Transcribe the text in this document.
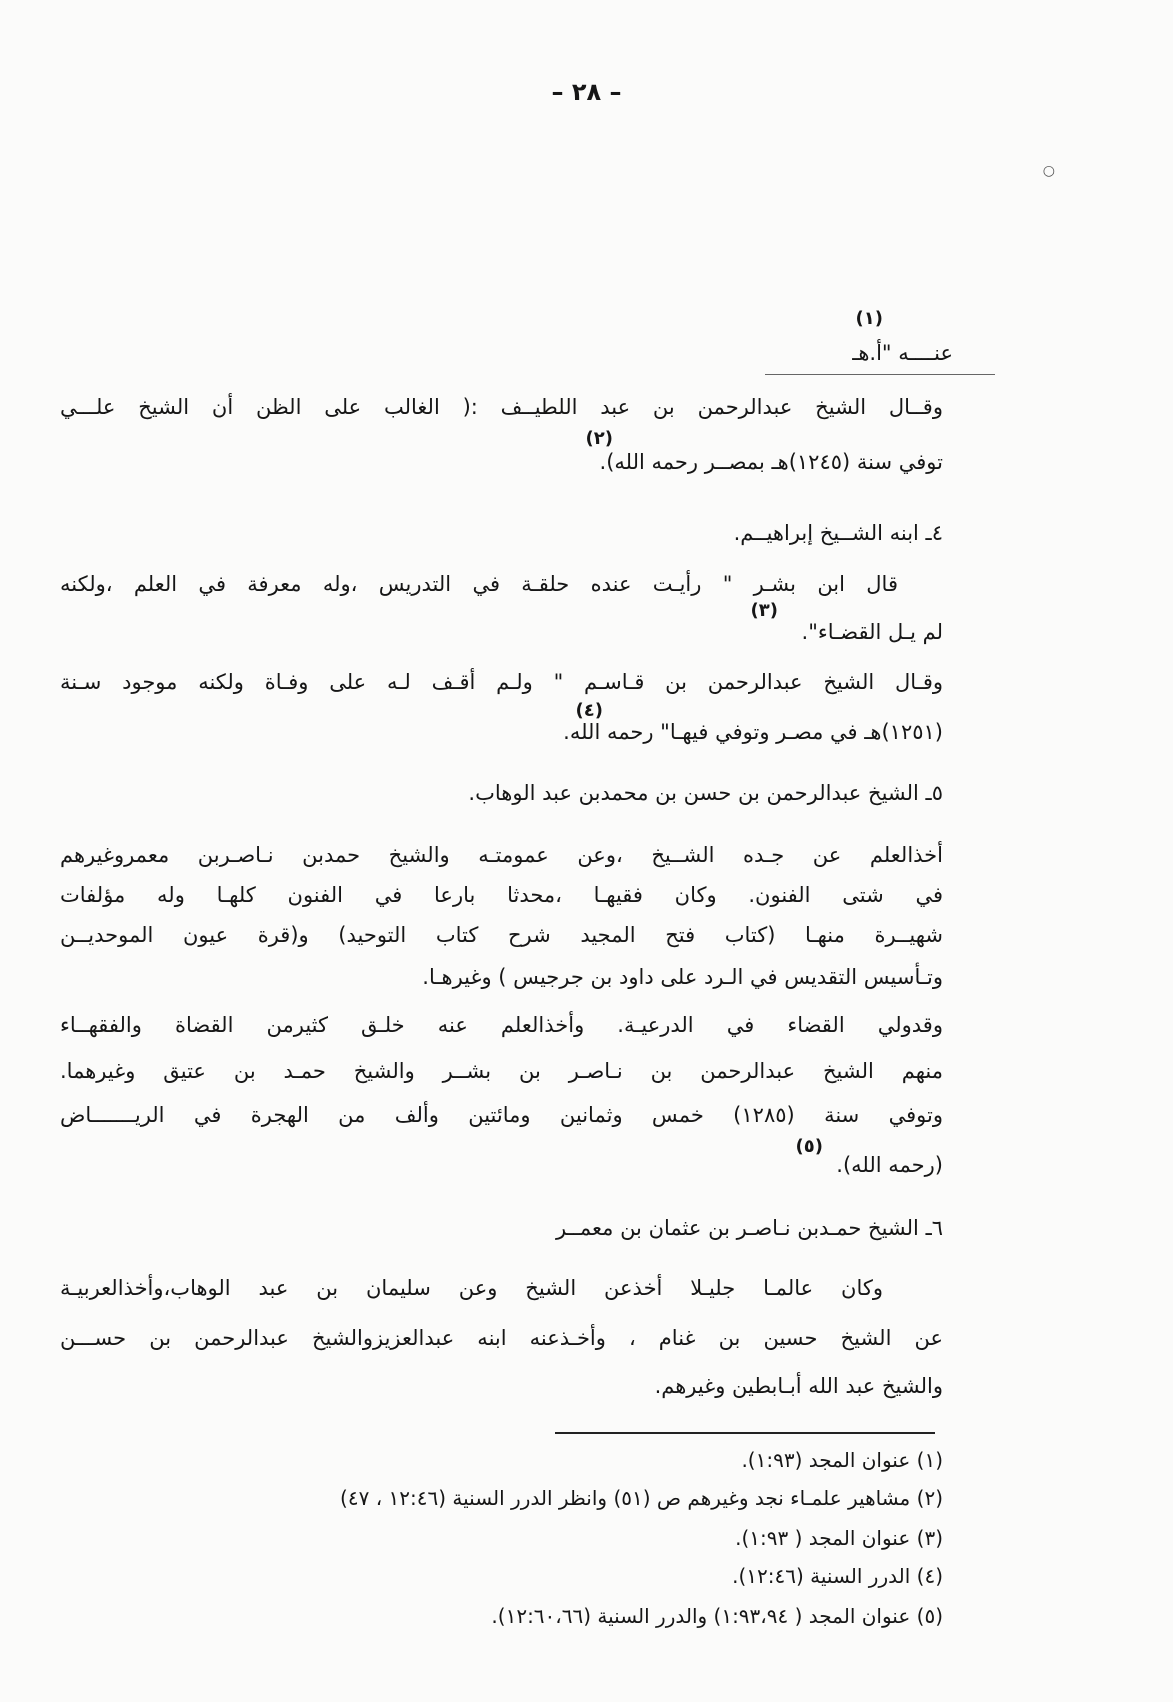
– ٢٨ –
○
(١)
عنــــه "أ.هـ
وقــال الشيخ عبدالرحمن بن عبد اللطيــف :( الغالب على الظن أن الشيخ علـــي
(٢)
توفي سنة (١٢٤٥)هـ بمصــر رحمه الله).
٤ـ ابنه الشــيخ إبراهيــم.
قال ابن بشـر " رأيـت عنده حلقـة في التدريس ،وله معرفة في العلم ،ولكنه
(٣)
لم يـل القضـاء".
وقـال الشيخ عبدالرحمن بن قـاسـم " ولـم أقـف لـه على وفـاة ولكنه موجود سـنة
(٤)
(١٢٥١)هـ في مصـر وتوفي فيهـا" رحمه الله.
٥ـ الشيخ عبدالرحمن بن حسن بن محمدبن عبد الوهاب.
أخذالعلم عن جـده الشــيخ ،وعن عمومتـه والشيخ حمدبن نـاصـربن معمروغيرهم
في شتى الفنون. وكان فقيهـا ،محدثا بارعا في الفنون كلهـا وله مؤلفات
شهيــرة منهـا (كتاب فتح المجيد شرح كتاب التوحيد) و(قرة عيون الموحديــن
وتـأسيس التقديس في الـرد على داود بن جرجيس ) وغيرهـا.
وقدولي القضاء في الدرعيـة. وأخذالعلم عنه خلـق كثيرمن القضاة والفقهــاء
منهم الشيخ عبدالرحمن بن نـاصـر بن بشــر والشيخ حمـد بن عتيق وغيرهما.
وتوفي سنة (١٢٨٥) خمس وثمانين ومائتين وألف من الهجرة في الريـــــــاض
(٥)
(رحمه الله).
٦ـ الشيخ حمـدبن نـاصـر بن عثمان بن معمــر
وكان عالمـا جليـلا أخذعن الشيخ وعن سليمان بن عبد الوهاب،وأخذالعربيـة
عن الشيخ حسين بن غنام ، وأخـذعنه ابنه عبدالعزيزوالشيخ عبدالرحمن بن حســـن
والشيخ عبد الله أبـابطين وغيرهم.
(١) عنوان المجد (١:٩٣).
(٢) مشاهير علمـاء نجد وغيرهم ص (٥١) وانظر الدرر السنية (١٢:٤٦ ، ٤٧)
(٣) عنوان المجد ( ١:٩٣).
(٤) الدرر السنية (١٢:٤٦).
(٥) عنوان المجد ( ١:٩٣،٩٤) والدرر السنية (١٢:٦٠،٦٦).
